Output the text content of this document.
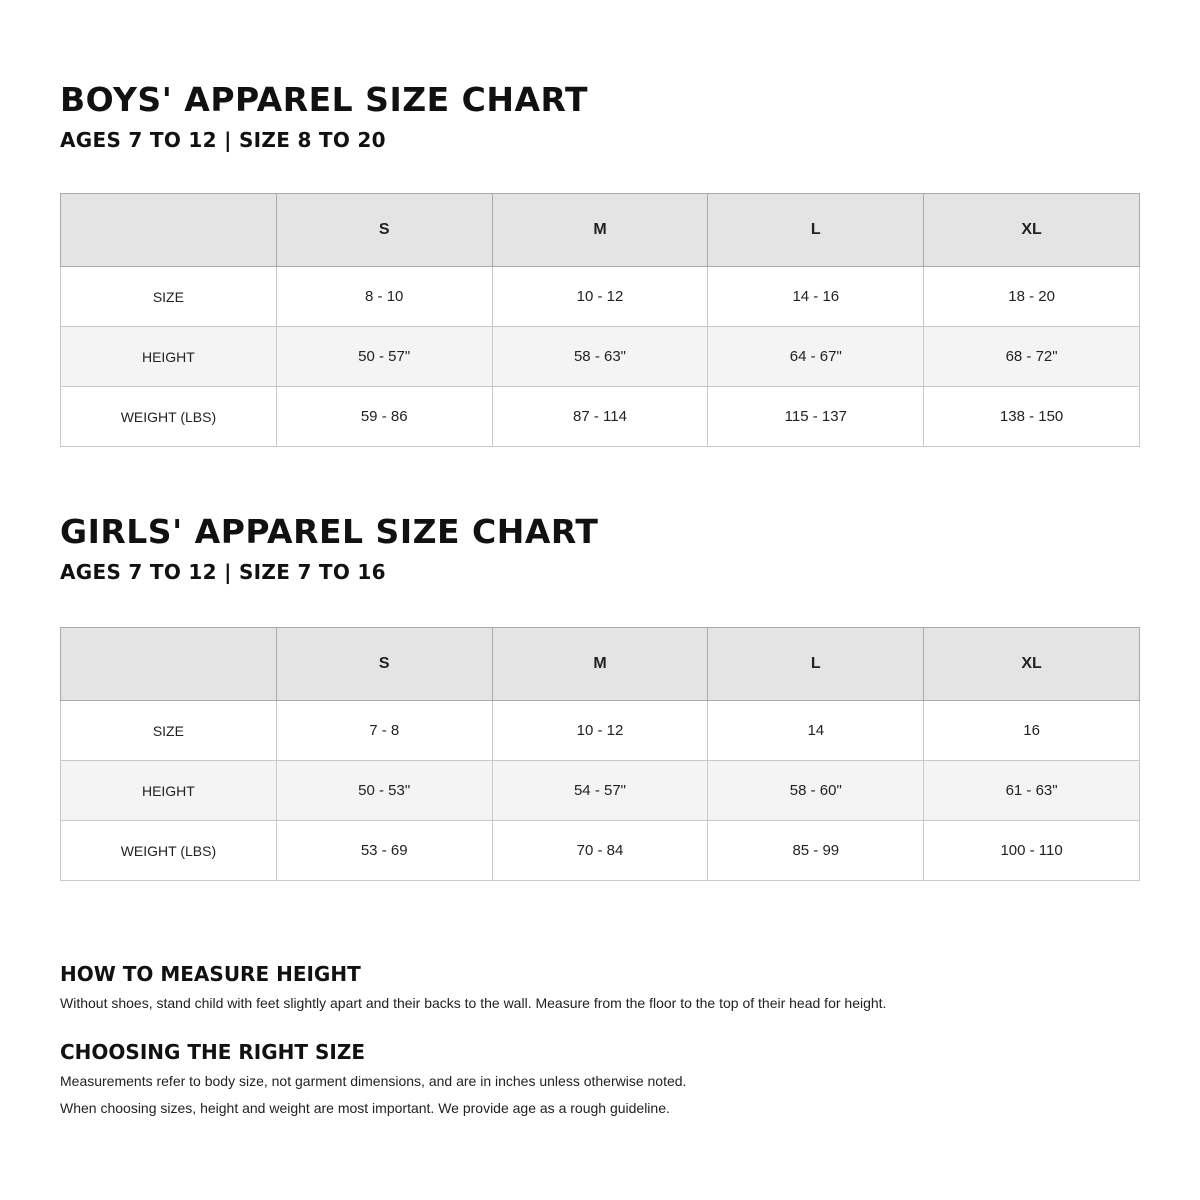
BOYS' APPAREL SIZE CHART
AGES 7 TO 12 | SIZE 8 TO 20
	S	M	L	XL
SIZE	8 - 10	10 - 12	14 - 16	18 - 20
HEIGHT	50 - 57"	58 - 63"	64 - 67"	68 - 72"
WEIGHT (LBS)	59 - 86	87 - 114	115 - 137	138 - 150
GIRLS' APPAREL SIZE CHART
AGES 7 TO 12 | SIZE 7 TO 16
	S	M	L	XL
SIZE	7 - 8	10 - 12	14	16
HEIGHT	50 - 53"	54 - 57"	58 - 60"	61 - 63"
WEIGHT (LBS)	53 - 69	70 - 84	85 - 99	100 - 110
HOW TO MEASURE HEIGHT

Without shoes, stand child with feet slightly apart and their backs to the wall. Measure from the floor to the top of their head for height.

CHOOSING THE RIGHT SIZE

Measurements refer to body size, not garment dimensions, and are in inches unless otherwise noted.

When choosing sizes, height and weight are most important. We provide age as a rough guideline.
